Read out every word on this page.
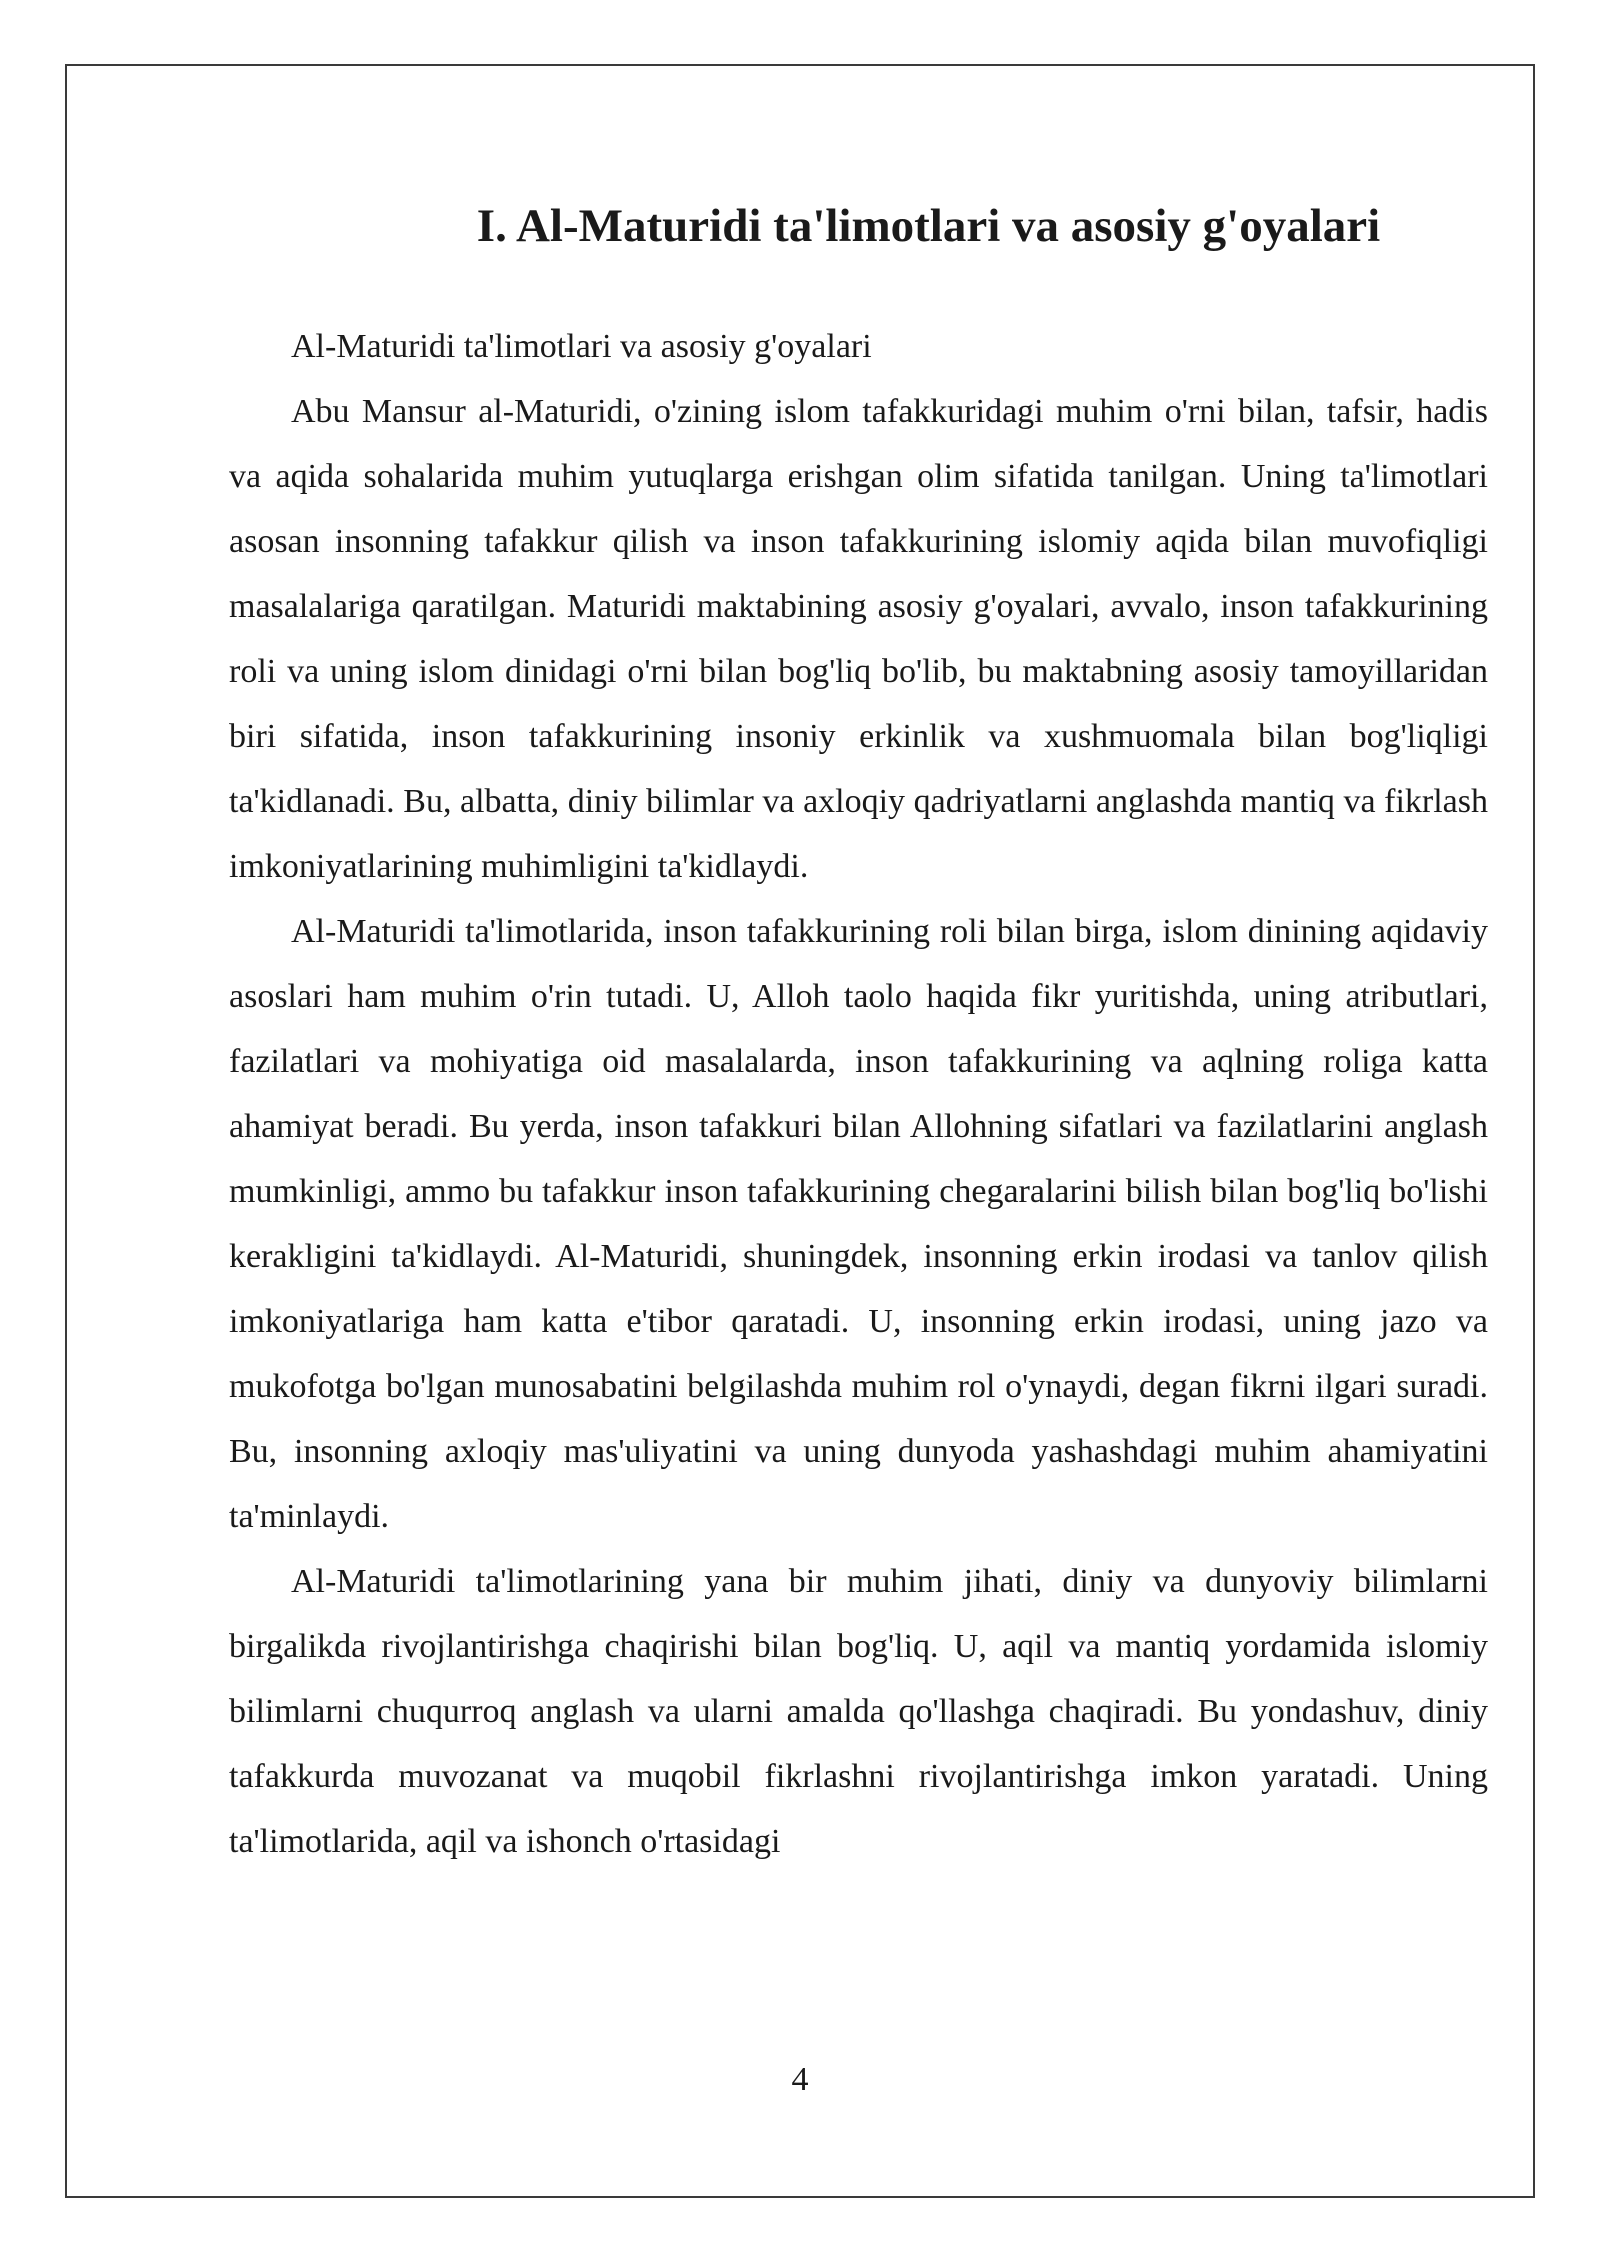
I. Al-Maturidi ta'limotlari va asosiy g'oyalari

Al-Maturidi ta'limotlari va asosiy g'oyalari

Abu Mansur al-Maturidi, o'zining islom tafakkuridagi muhim o'rni bilan, tafsir, hadis va aqida sohalarida muhim yutuqlarga erishgan olim sifatida tanilgan. Uning ta'limotlari asosan insonning tafakkur qilish va inson tafakkurining islomiy aqida bilan muvofiqligi masalalariga qaratilgan. Maturidi maktabining asosiy g'oyalari, avvalo, inson tafakkurining roli va uning islom dinidagi o'rni bilan bog'liq bo'lib, bu maktabning asosiy tamoyillaridan biri sifatida, inson tafakkurining insoniy erkinlik va xushmuomala bilan bog'liqligi ta'kidlanadi. Bu, albatta, diniy bilimlar va axloqiy qadriyatlarni anglashda mantiq va fikrlash imkoniyatlarining muhimligini ta'kidlaydi.

Al-Maturidi ta'limotlarida, inson tafakkurining roli bilan birga, islom dinining aqidaviy asoslari ham muhim o'rin tutadi. U, Alloh taolo haqida fikr yuritishda, uning atributlari, fazilatlari va mohiyatiga oid masalalarda, inson tafakkurining va aqlning roliga katta ahamiyat beradi. Bu yerda, inson tafakkuri bilan Allohning sifatlari va fazilatlarini anglash mumkinligi, ammo bu tafakkur inson tafakkurining chegaralarini bilish bilan bog'liq bo'lishi kerakligini ta'kidlaydi. Al-Maturidi, shuningdek, insonning erkin irodasi va tanlov qilish imkoniyatlariga ham katta e'tibor qaratadi. U, insonning erkin irodasi, uning jazo va mukofotga bo'lgan munosabatini belgilashda muhim rol o'ynaydi, degan fikrni ilgari suradi. Bu, insonning axloqiy mas'uliyatini va uning dunyoda yashashdagi muhim ahamiyatini ta'minlaydi.

Al-Maturidi ta'limotlarining yana bir muhim jihati, diniy va dunyoviy bilimlarni birgalikda rivojlantirishga chaqirishi bilan bog'liq. U, aqil va mantiq yordamida islomiy bilimlarni chuqurroq anglash va ularni amalda qo'llashga chaqiradi. Bu yondashuv, diniy tafakkurda muvozanat va muqobil fikrlashni rivojlantirishga imkon yaratadi. Uning ta'limotlarida, aqil va ishonch o'rtasidagi

4
